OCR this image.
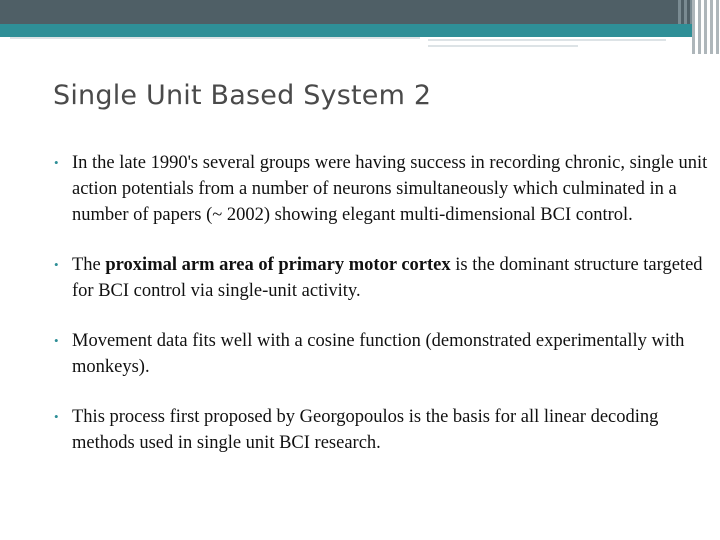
Single Unit Based System 2
• In the late 1990's several groups were having success in recording chronic, single unit action potentials from a number of neurons simultaneously which culminated in a number of papers (~ 2002) showing elegant multi-dimensional BCI control.
• The proximal arm area of primary motor cortex is the dominant structure targeted for BCI control via single-unit activity.
• Movement data fits well with a cosine function (demonstrated experimentally with monkeys).
• This process first proposed by Georgopoulos is the basis for all linear decoding methods used in single unit BCI research.
